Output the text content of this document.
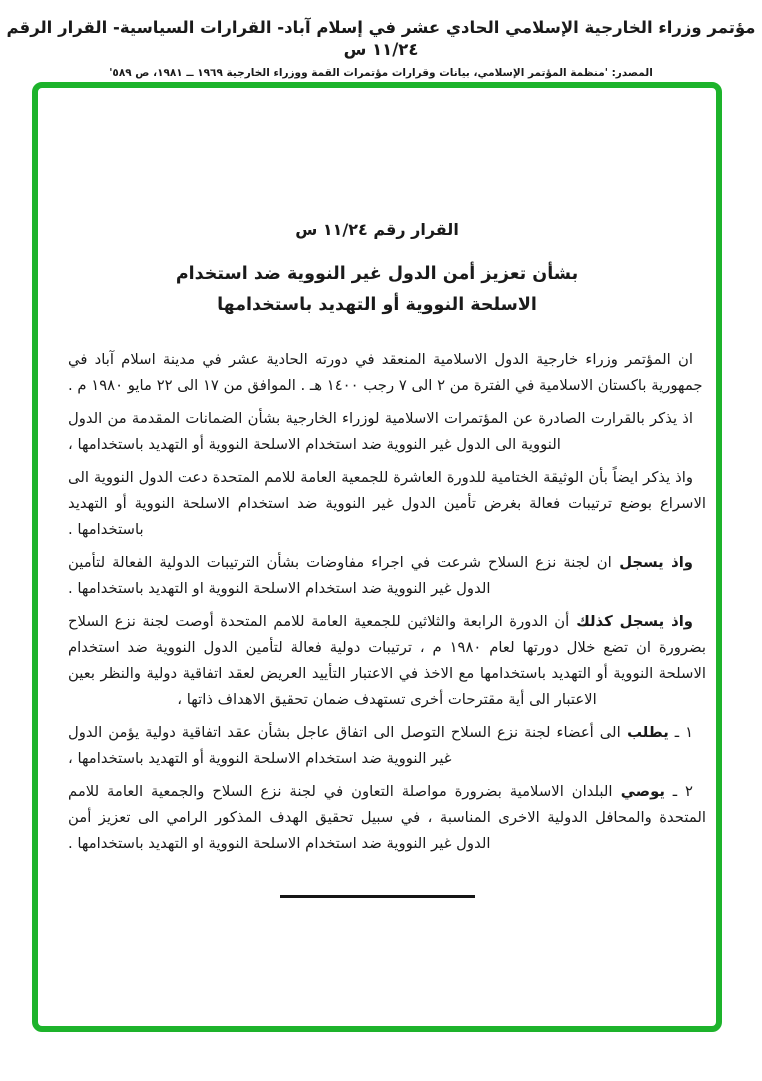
مؤتمر وزراء الخارجية الإسلامي الحادي عشر في إسلام آباد- القرارات السياسية- القرار الرقم ١١/٢٤ س
المصدر: 'منظمة المؤتمر الإسلامي، بيانات وقرارات مؤتمرات القمة ووزراء الخارجية ١٩٦٩ ــ ١٩٨١، ص ٥٨٩'
القرار رقم ١١/٢٤ س
بشأن تعزيز أمن الدول غير النووية ضد استخدام
الاسلحة النووية أو التهديد باستخدامها

ان المؤتمر وزراء خارجية الدول الاسلامية المنعقد في دورته الحادية عشر في مدينة اسلام آباد في جمهورية باكستان الاسلامية في الفترة من ٢ الى ٧ رجب ١٤٠٠ هـ . الموافق من ١٧ الى ٢٢ مايو ١٩٨٠ م .

اذ يذكر بالقرارت الصادرة عن المؤتمرات الاسلامية لوزراء الخارجية بشأن الضمانات المقدمة من الدول النووية الى الدول غير النووية ضد استخدام الاسلحة النووية أو التهديد باستخدامها ،

واذ يذكر ايضاً بأن الوثيقة الختامية للدورة العاشرة للجمعية العامة للامم المتحدة دعت الدول النووية الى الاسراع بوضع ترتيبات فعالة بغرض تأمين الدول غير النووية ضد استخدام الاسلحة النووية أو التهديد باستخدامها .

واذ يسجل ان لجنة نزع السلاح شرعت في اجراء مفاوضات بشأن الترتيبات الدولية الفعالة لتأمين الدول غير النووية ضد استخدام الاسلحة النووية او التهديد باستخدامها .

واذ يسجل كذلك أن الدورة الرابعة والثلاثين للجمعية العامة للامم المتحدة أوصت لجنة نزع السلاح بضرورة ان تضع خلال دورتها لعام ١٩٨٠ م ، ترتيبات دولية فعالة لتأمين الدول النووية ضد استخدام الاسلحة النووية أو التهديد باستخدامها مع الاخذ في الاعتبار التأييد العريض لعقد اتفاقية دولية والنظر بعين الاعتبار الى أية مقترحات أخرى تستهدف ضمان تحقيق الاهداف ذاتها ،

١ ـ يطلب الى أعضاء لجنة نزع السلاح التوصل الى اتفاق عاجل بشأن عقد اتفاقية دولية يؤمن الدول غير النووية ضد استخدام الاسلحة النووية أو التهديد باستخدامها ،

٢ ـ يوصي البلدان الاسلامية بضرورة مواصلة التعاون في لجنة نزع السلاح والجمعية العامة للامم المتحدة والمحافل الدولية الاخرى المناسبة ، في سبيل تحقيق الهدف المذكور الرامي الى تعزيز أمن الدول غير النووية ضد استخدام الاسلحة النووية او التهديد باستخدامها .
